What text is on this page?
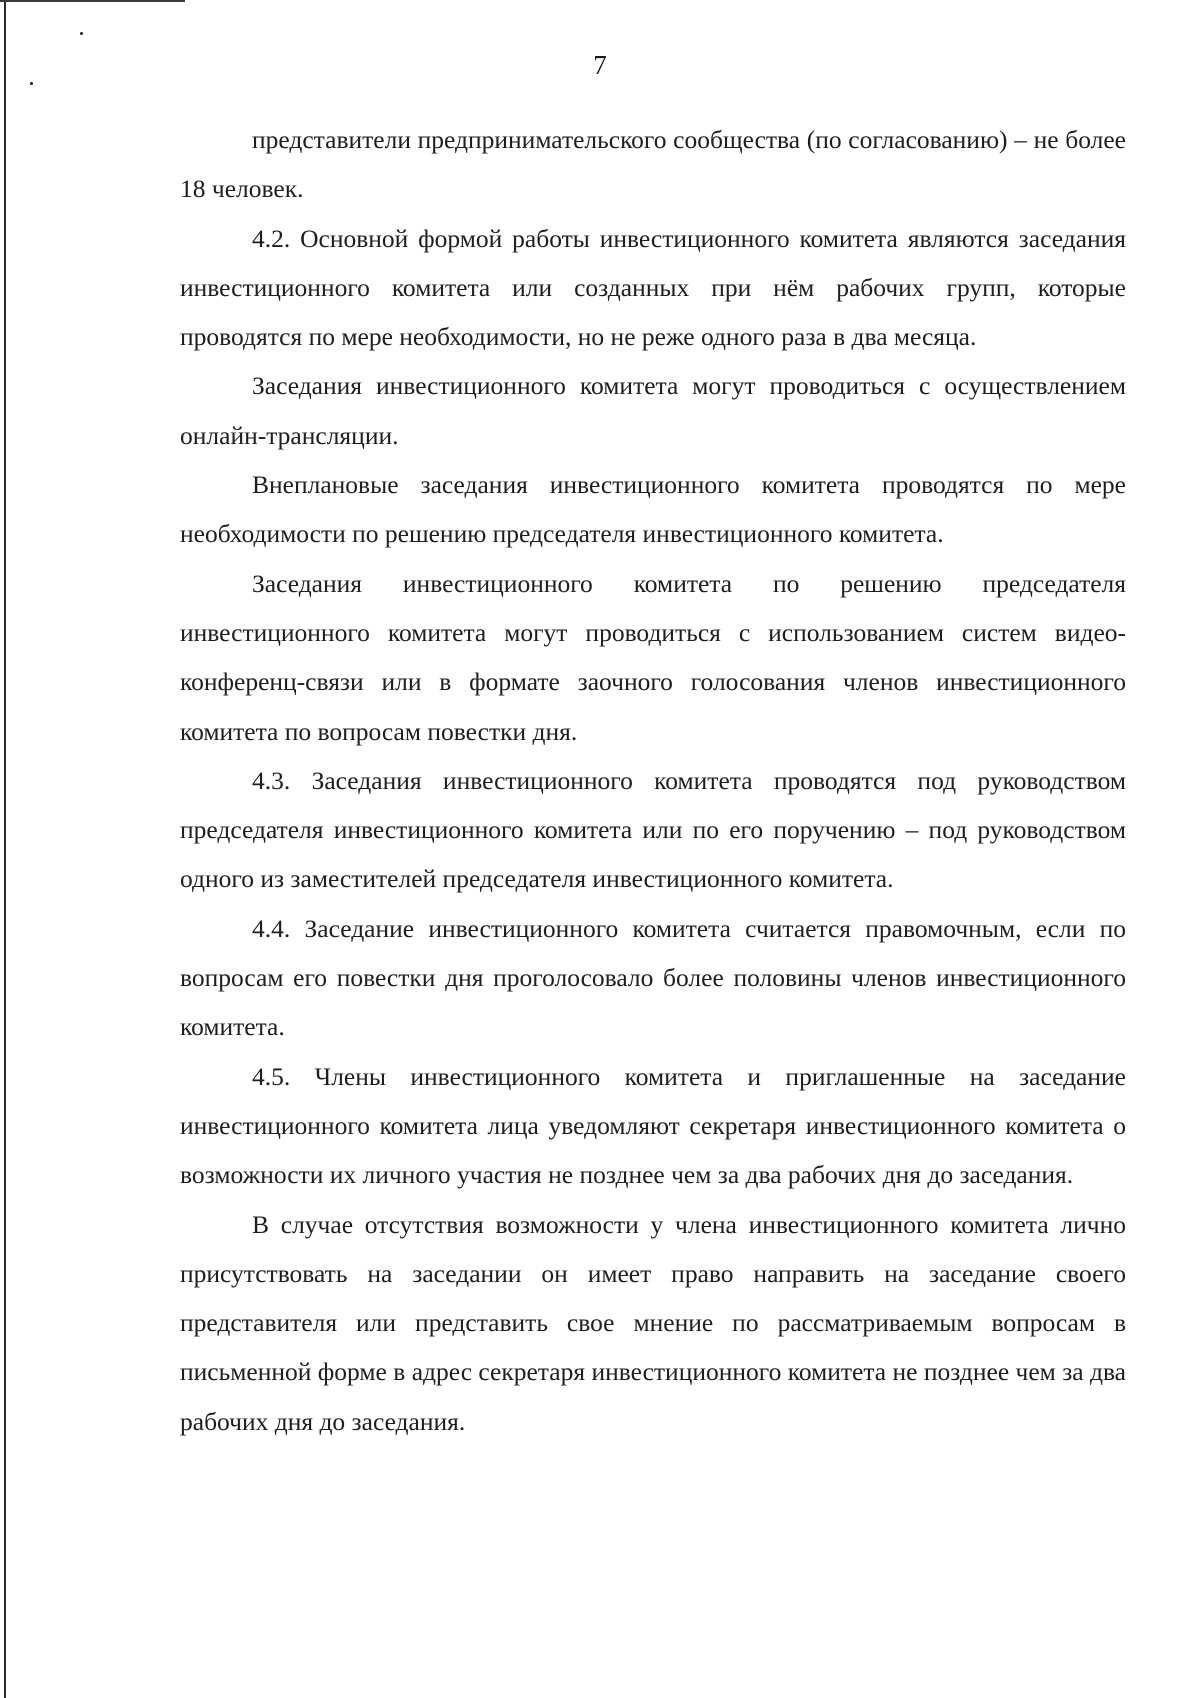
7

представители предпринимательского сообщества (по согласованию) – не более 18 человек.

4.2. Основной формой работы инвестиционного комитета являются заседания инвестиционного комитета или созданных при нём рабочих групп, которые проводятся по мере необходимости, но не реже одного раза в два месяца.

Заседания инвестиционного комитета могут проводиться с осуществлением онлайн-трансляции.

Внеплановые заседания инвестиционного комитета проводятся по мере необходимости по решению председателя инвестиционного комитета.

Заседания инвестиционного комитета по решению председателя инвестиционного комитета могут проводиться с использованием систем видео-конференц-связи или в формате заочного голосования членов инвестиционного комитета по вопросам повестки дня.

4.3. Заседания инвестиционного комитета проводятся под руководством председателя инвестиционного комитета или по его поручению – под руководством одного из заместителей председателя инвестиционного комитета.

4.4. Заседание инвестиционного комитета считается правомочным, если по вопросам его повестки дня проголосовало более половины членов инвестиционного комитета.

4.5. Члены инвестиционного комитета и приглашенные на заседание инвестиционного комитета лица уведомляют секретаря инвестиционного комитета о возможности их личного участия не позднее чем за два рабочих дня до заседания.

В случае отсутствия возможности у члена инвестиционного комитета лично присутствовать на заседании он имеет право направить на заседание своего представителя или представить свое мнение по рассматриваемым вопросам в письменной форме в адрес секретаря инвестиционного комитета не позднее чем за два рабочих дня до заседания.
